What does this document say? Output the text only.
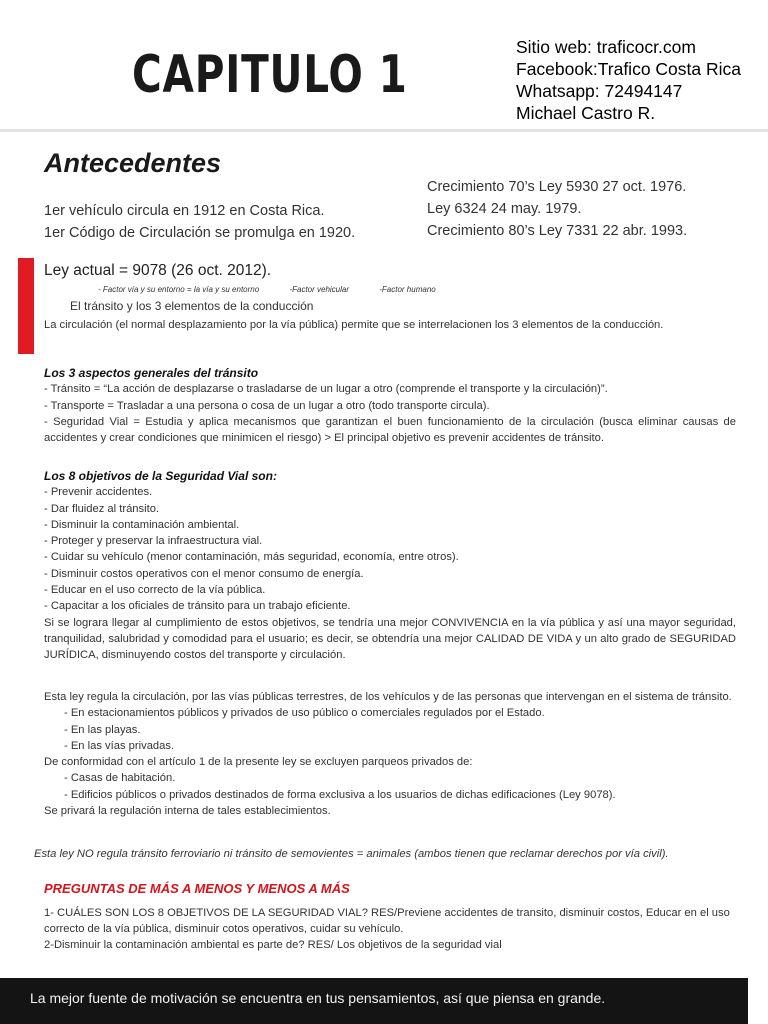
CAPITULO 1	Sitio web: traficocr.com
Facebook:Trafico Costa Rica
Whatsapp: 72494147
Michael Castro R.
Antecedentes
1er vehículo circula en 1912 en Costa Rica.
1er Código de Circulación se promulga en 1920.
Crecimiento 70’s Ley 5930 27 oct. 1976.
Ley 6324 24 may. 1979.
Crecimiento 80’s Ley 7331 22 abr. 1993.
Ley actual = 9078 (26 oct. 2012).
- Factor vía y su entorno = la vía y su entorno	-Factor vehicular	-Factor humano
El tránsito y los 3 elementos de la conducción
La circulación (el normal desplazamiento por la vía pública) permite que se interrelacionen los 3 elementos de la conducción.
Los 3 aspectos generales del tránsito
- Tránsito = “La acción de desplazarse o trasladarse de un lugar a otro (comprende el transporte y la circulación)”.
- Transporte = Trasladar a una persona o cosa de un lugar a otro (todo transporte circula).
- Seguridad Vial = Estudia y aplica mecanismos que garantizan el buen funcionamiento de la circulación (busca eliminar causas de accidentes y crear condiciones que minimicen el riesgo) > El principal objetivo es prevenir accidentes de tránsito.
Los 8 objetivos de la Seguridad Vial son:
- Prevenir accidentes.
- Dar fluidez al tránsito.
- Disminuir la contaminación ambiental.
- Proteger y preservar la infraestructura vial.
- Cuidar su vehículo (menor contaminación, más seguridad, economía, entre otros).
- Disminuir costos operativos con el menor consumo de energía.
- Educar en el uso correcto de la vía pública.
- Capacitar a los oficiales de tránsito para un trabajo eficiente.
Si se lograra llegar al cumplimiento de estos objetivos, se tendría una mejor CONVIVENCIA en la vía pública y así una mayor seguridad, tranquilidad, salubridad y comodidad para el usuario; es decir, se obtendría una mejor CALIDAD DE VIDA y un alto grado de SEGURIDAD JURÍDICA, disminuyendo costos del transporte y circulación.
Esta ley regula la circulación, por las vías públicas terrestres, de los vehículos y de las personas que intervengan en el sistema de tránsito.
- En estacionamientos públicos y privados de uso público o comerciales regulados por el Estado.
- En las playas.
- En las vías privadas.
De conformidad con el artículo 1 de la presente ley se excluyen parqueos privados de:
- Casas de habitación.
- Edificios públicos o privados destinados de forma exclusiva a los usuarios de dichas edificaciones (Ley 9078).
Se privará la regulación interna de tales establecimientos.
Esta ley NO regula tránsito ferroviario ni tránsito de semovientes = animales (ambos tienen que reclamar derechos por vía civil).
PREGUNTAS DE MÁS A MENOS Y MENOS A MÁS
1- CUÁLES SON LOS 8 OBJETIVOS DE LA SEGURIDAD VIAL? RES/Previene accidentes de transito, disminuir costos, Educar en el uso correcto de la vía pública, disminuir cotos operativos, cuidar su vehículo.
2-Disminuir la contaminación ambiental es parte de? RES/ Los objetivos de la seguridad vial
La mejor fuente de motivación se encuentra en tus pensamientos, así que piensa en grande.
